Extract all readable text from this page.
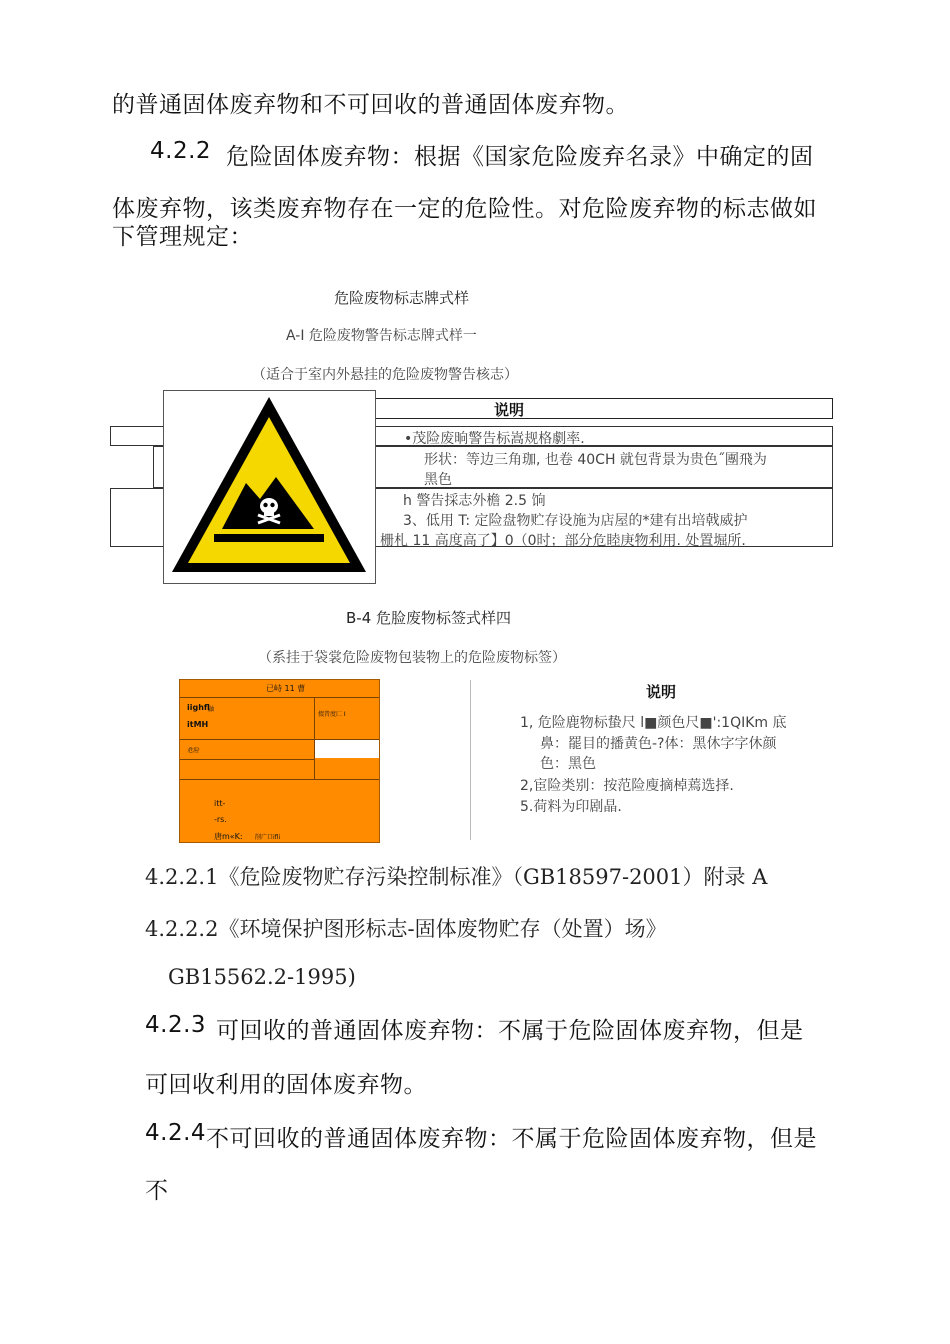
的普通固体废弃物和不可回收的普通固体废弃物。
4.2.2 危险固体废弃物：根据《国家危险废弃名录》中确定的固
体废弃物，该类废弃物存在一定的危险性。对危险废弃物的标志做如
下管理规定：
危险废物标志牌式样
A-I 危险废物警告标志牌式样一
（适合于室内外悬挂的危险废物警告核志）
说明
•茂险废晌警告标嵩规格劇率.
形状：等边三角珈, 也卷 40CH 就包背景为贵色˝團飛为
黑色
h 警告採志外檐 2.5 饷
3、低用 T: 定险盘物贮存设施为店屋的*建有出培戟威护
栅札 11 高度高了】0（0时；部分危睦庚物利用. 处置堀所.
B-4 危脸废物标签式样四
（系挂于袋裳危险废物包装物上的危险废物标签）
已峙 11 曹
iighfl
鼬
itMH
掇昔度匚 I
危险
itt-
-rs.
唐m«K: 削广口ifli
说明
1, 危险鹿物标蛰尺 l■颜色尺■':1QIKm 底
鼻：罷目的播黄色-?体：黑休字字休颜
色：黑色
2,宦险类别：按范险廋摘棹蔫选择.
5.荷料为印剧晶.
4.2.2.1《危险废物贮存污染控制标准》（GB18597-2001）附录 A
4.2.2.2《环境保护图形标志-固体废物贮存（处置）场》
GB15562.2-1995)
4.2.3 可回收的普通固体废弃物：不属于危险固体废弃物，但是
可回收利用的固体废弃物。
4.2.4 不可回收的普通固体废弃物：不属于危险固体废弃物，但是
不
